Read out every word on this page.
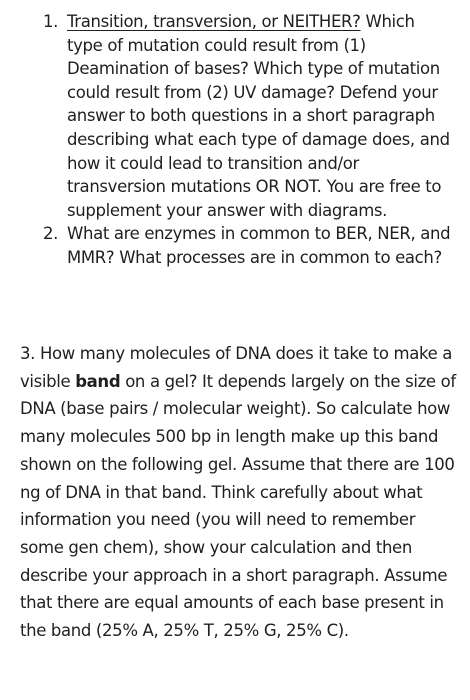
1. Transition, transversion, or NEITHER? Which type of mutation could result from (1) Deamination of bases? Which type of mutation could result from (2) UV damage? Defend your answer to both questions in a short paragraph describing what each type of damage does, and how it could lead to transition and/or transversion mutations OR NOT. You are free to supplement your answer with diagrams.
2. What are enzymes in common to BER, NER, and MMR? What processes are in common to each?

3. How many molecules of DNA does it take to make a visible band on a gel? It depends largely on the size of DNA (base pairs / molecular weight). So calculate how many molecules 500 bp in length make up this band shown on the following gel. Assume that there are 100 ng of DNA in that band. Think carefully about what information you need (you will need to remember some gen chem), show your calculation and then describe your approach in a short paragraph. Assume that there are equal amounts of each base present in the band (25% A, 25% T, 25% G, 25% C).
